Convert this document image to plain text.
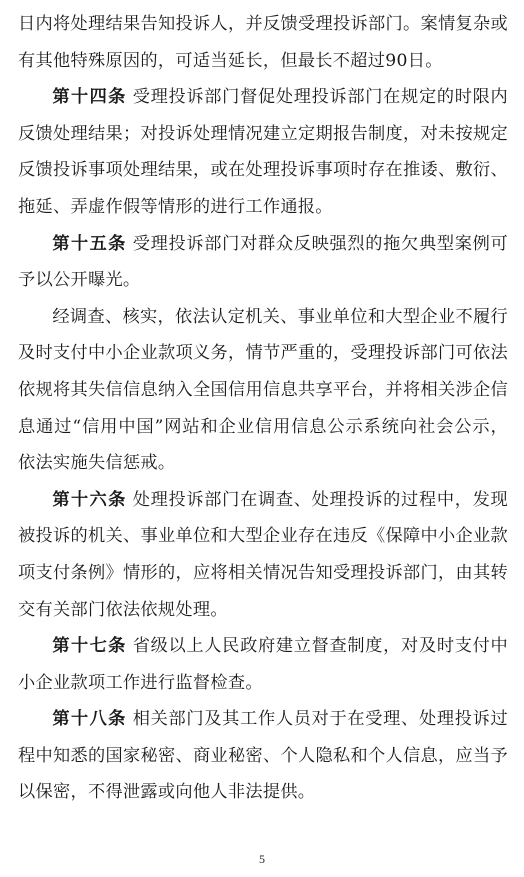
日内将处理结果告知投诉人，并反馈受理投诉部门。案情复杂或有其他特殊原因的，可适当延长，但最长不超过90日。

第十四条 受理投诉部门督促处理投诉部门在规定的时限内反馈处理结果；对投诉处理情况建立定期报告制度，对未按规定反馈投诉事项处理结果，或在处理投诉事项时存在推诿、敷衍、拖延、弄虚作假等情形的进行工作通报。

第十五条 受理投诉部门对群众反映强烈的拖欠典型案例可予以公开曝光。

经调查、核实，依法认定机关、事业单位和大型企业不履行及时支付中小企业款项义务，情节严重的，受理投诉部门可依法依规将其失信信息纳入全国信用信息共享平台，并将相关涉企信息通过“信用中国”网站和企业信用信息公示系统向社会公示，依法实施失信惩戒。

第十六条 处理投诉部门在调查、处理投诉的过程中，发现被投诉的机关、事业单位和大型企业存在违反《保障中小企业款项支付条例》情形的，应将相关情况告知受理投诉部门，由其转交有关部门依法依规处理。

第十七条 省级以上人民政府建立督查制度，对及时支付中小企业款项工作进行监督检查。

第十八条 相关部门及其工作人员对于在受理、处理投诉过程中知悉的国家秘密、商业秘密、个人隐私和个人信息，应当予以保密，不得泄露或向他人非法提供。

5
